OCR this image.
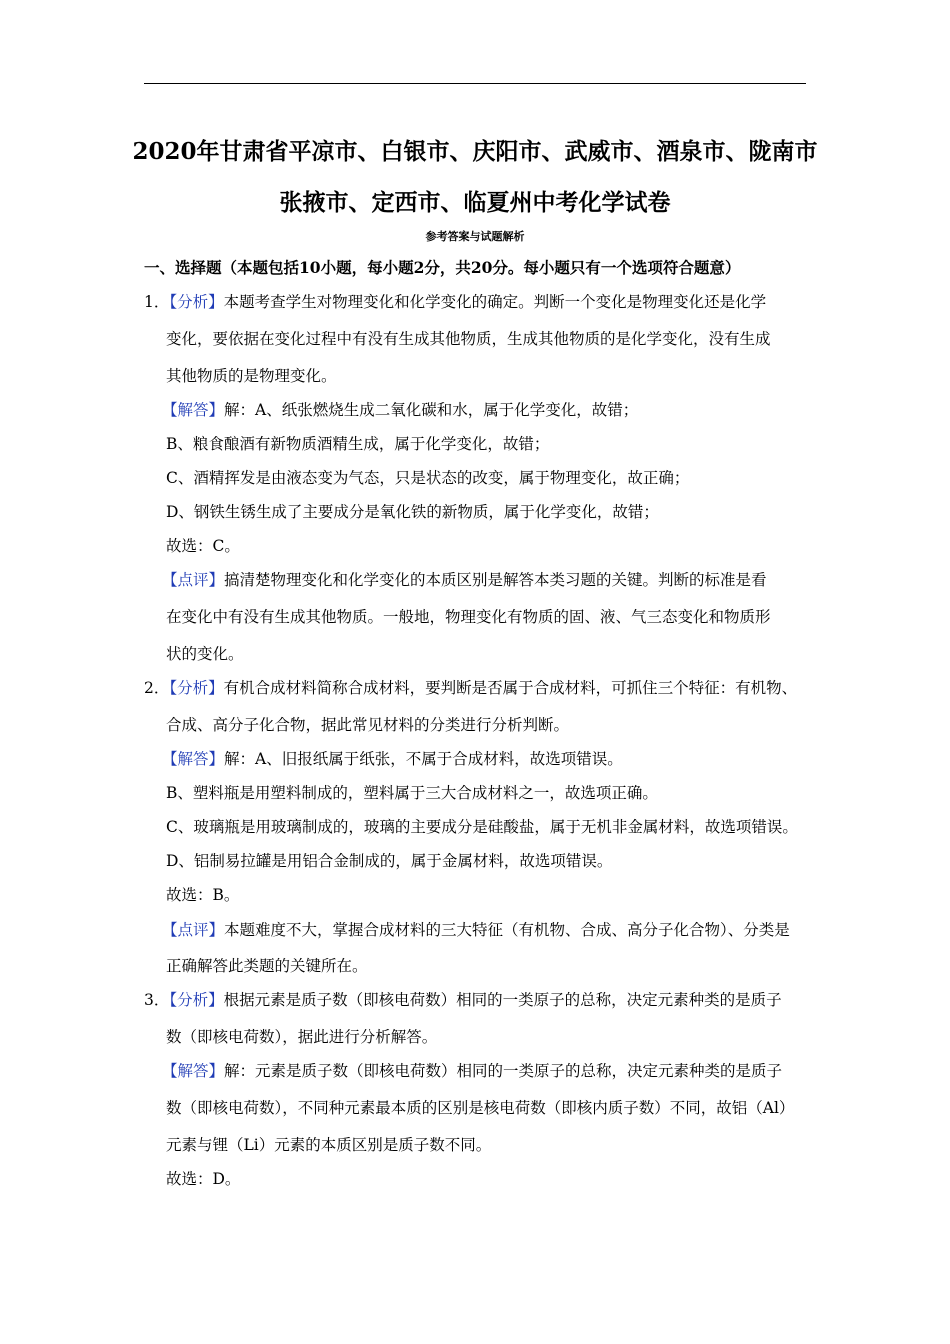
2020年甘肃省平凉市、白银市、庆阳市、武威市、酒泉市、陇南市
张掖市、定西市、临夏州中考化学试卷
参考答案与试题解析
一、选择题（本题包括10小题，每小题2分，共20分。每小题只有一个选项符合题意）
1．【分析】本题考查学生对物理变化和化学变化的确定。判断一个变化是物理变化还是化学
变化，要依据在变化过程中有没有生成其他物质，生成其他物质的是化学变化，没有生成
其他物质的是物理变化。
【解答】解：A、纸张燃烧生成二氧化碳和水，属于化学变化，故错；
B、粮食酿酒有新物质酒精生成，属于化学变化，故错；
C、酒精挥发是由液态变为气态，只是状态的改变，属于物理变化，故正确；
D、钢铁生锈生成了主要成分是氧化铁的新物质，属于化学变化，故错；
故选：C。
【点评】搞清楚物理变化和化学变化的本质区别是解答本类习题的关键。判断的标准是看
在变化中有没有生成其他物质。一般地，物理变化有物质的固、液、气三态变化和物质形
状的变化。
2．【分析】有机合成材料简称合成材料，要判断是否属于合成材料，可抓住三个特征：有机物、
合成、高分子化合物，据此常见材料的分类进行分析判断。
【解答】解：A、旧报纸属于纸张，不属于合成材料，故选项错误。
B、塑料瓶是用塑料制成的，塑料属于三大合成材料之一，故选项正确。
C、玻璃瓶是用玻璃制成的，玻璃的主要成分是硅酸盐，属于无机非金属材料，故选项错误。
D、铝制易拉罐是用铝合金制成的，属于金属材料，故选项错误。
故选：B。
【点评】本题难度不大，掌握合成材料的三大特征（有机物、合成、高分子化合物）、分类是
正确解答此类题的关键所在。
3．【分析】根据元素是质子数（即核电荷数）相同的一类原子的总称，决定元素种类的是质子
数（即核电荷数），据此进行分析解答。
【解答】解：元素是质子数（即核电荷数）相同的一类原子的总称，决定元素种类的是质子
数（即核电荷数），不同种元素最本质的区别是核电荷数（即核内质子数）不同，故铝（Al）
元素与锂（Li）元素的本质区别是质子数不同。
故选：D。
